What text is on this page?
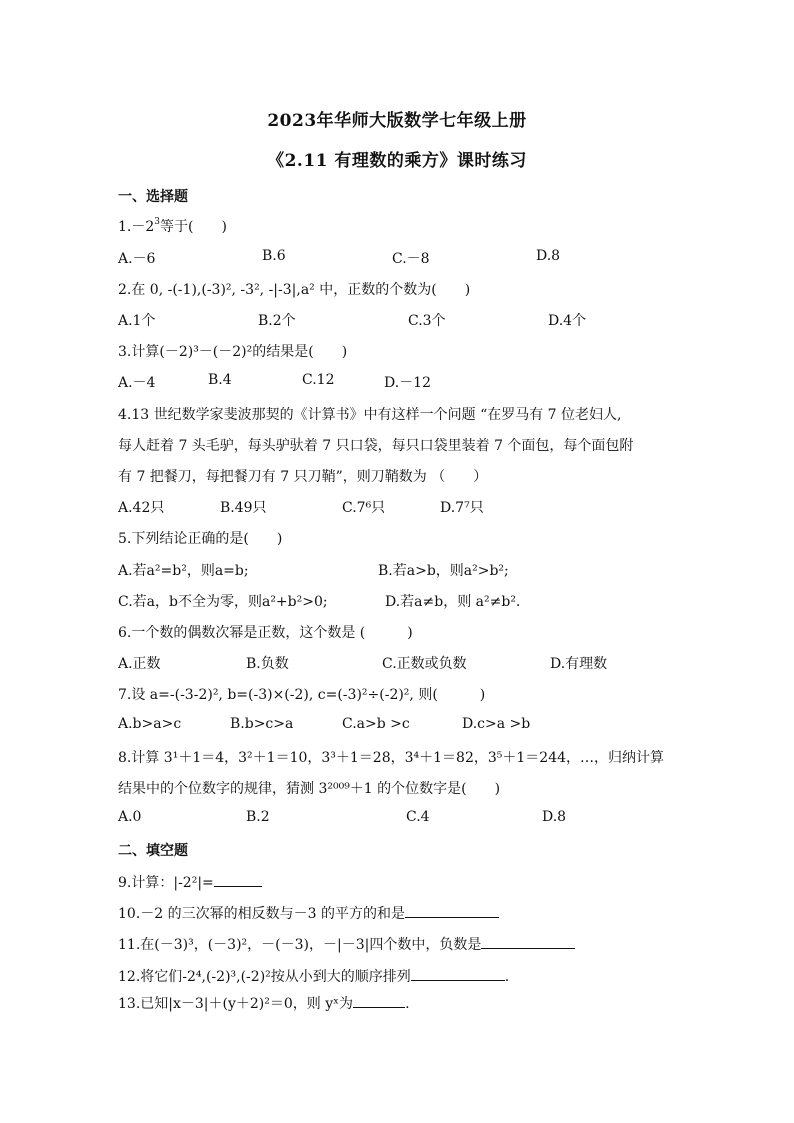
2023年华师大版数学七年级上册
《2.11 有理数的乘方》课时练习
一、选择题
$1.-2^3$等于(　　)
A.－6	B.6	C.－8	D.8
2.在 0, -(-1),(-3)², -3², -|-3|,a² 中，正数的个数为(　　)
A.1个	B.2个	C.3个	D.4个
3.计算(－2)³－(－2)²的结果是(　　)
A.－4	B.4	C.12	D.－12
4.13 世纪数学家斐波那契的《计算书》中有这样一个问题 “在罗马有 7 位老妇人,
每人赶着 7 头毛驴，每头驴驮着 7 只口袋，每只口袋里装着 7 个面包，每个面包附
有 7 把餐刀，每把餐刀有 7 只刀鞘”，则刀鞘数为 （　　）
A.42只	B.49只	C.7⁶只	D.7⁷只
5.下列结论正确的是(　　)
A.若a²=b²，则a=b;	B.若a>b，则a²>b²;
C.若a，b不全为零，则a²+b²>0;	D.若a≠b，则 a²≠b².
6.一个数的偶数次幂是正数，这个数是 (　　　)
A.正数	B.负数	C.正数或负数	D.有理数
7.设 a=-(-3-2)², b=(-3)×(-2), c=(-3)²÷(-2)², 则(　　　)
A.b>a>c	B.b>c>a	C.a>b >c	D.c>a >b
8.计算 3¹＋1＝4，3²＋1＝10，3³＋1＝28，3⁴＋1＝82，3⁵＋1＝244，…，归纳计算
结果中的个位数字的规律，猜测 3²⁰⁰⁹＋1 的个位数字是(　　)
A.0	B.2	C.4	D.8
二、填空题
9.计算：|-2²|=
10.－2 的三次幂的相反数与－3 的平方的和是
11.在(－3)³，(－3)²，－(－3)，－|－3|四个数中，负数是
12.将它们-2⁴,(-2)³,(-2)²按从小到大的顺序排列	.
13.已知|x－3|＋(y＋2)²＝0，则 yˣ为	.
